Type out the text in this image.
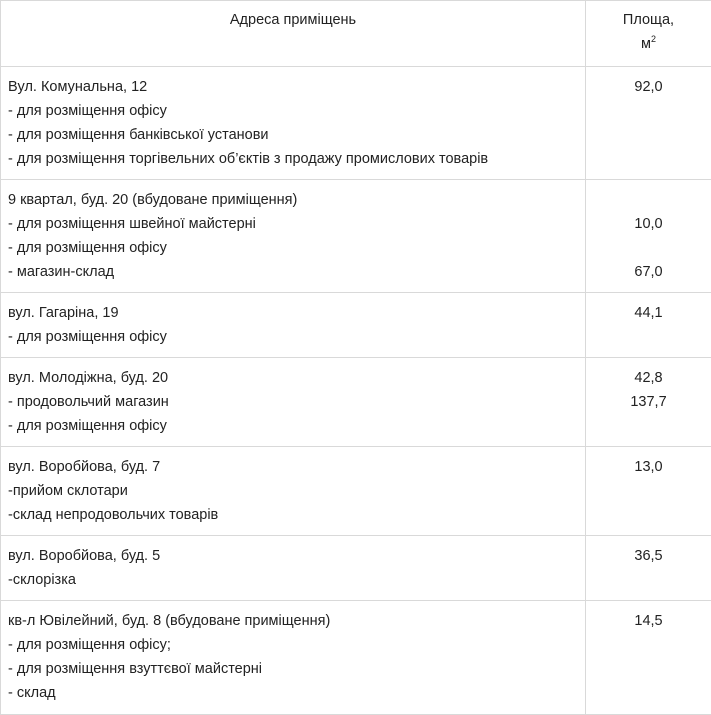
Адреса приміщень	Площа,
$м^2$

Вул. Комунальна, 12
- для розміщення офісу
- для розміщення банківської установи
- для розміщення торгівельних об’єктів з продажу промислових товарів	92,0

9 квартал, буд. 20 (вбудоване приміщення)
- для розміщення швейної майстерні
- для розміщення офісу
- магазин-склад	10,0
67,0

вул. Гагаріна, 19
- для розміщення офісу	44,1

вул. Молодіжна, буд. 20
- продовольчий магазин
- для розміщення офісу	42,8
137,7

вул. Воробйова, буд. 7
-прийом склотари
-склад непродовольчих товарів	13,0

вул. Воробйова, буд. 5
-склорізка	36,5

кв-л Ювілейний, буд. 8 (вбудоване приміщення)
- для розміщення офісу;
- для розміщення взуттєвої майстерні
- склад	14,5
